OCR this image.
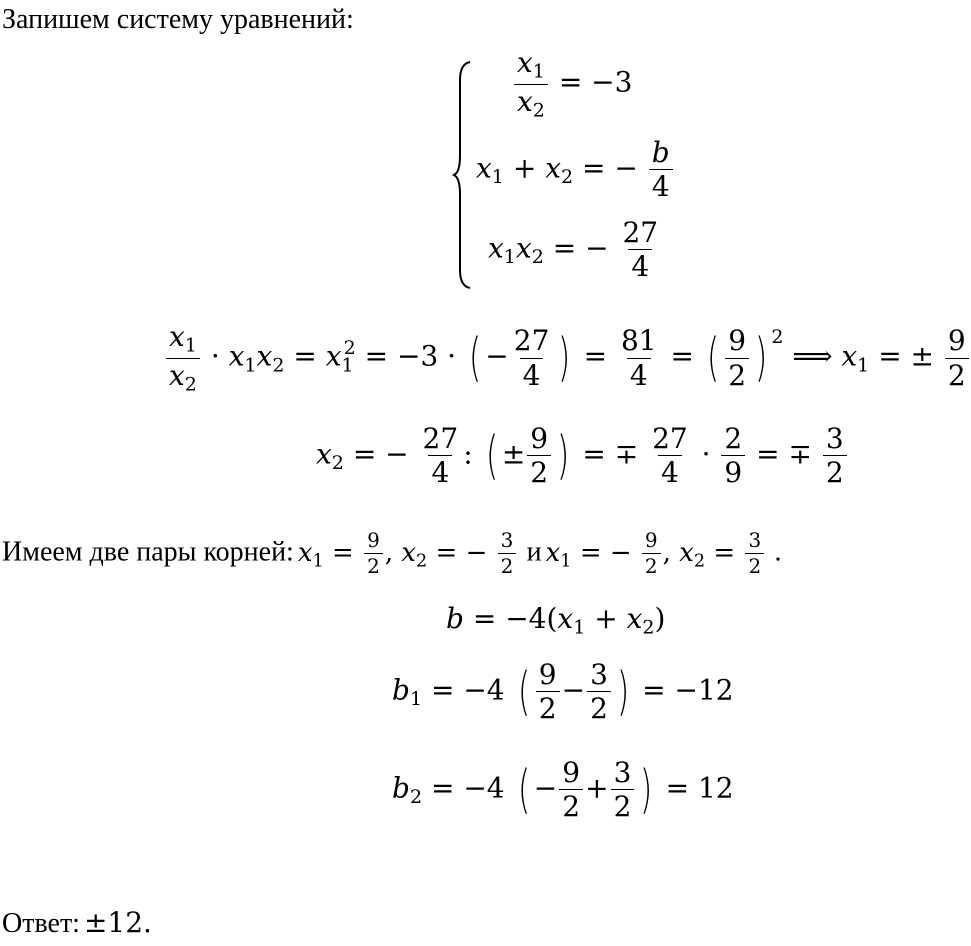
Запишем систему уравнений:
$\frac{x_1}{x_2} = -3$
$x_1 + x_2$ = − $\frac{b}{4}$
$x_1x_2$ = − $\frac{27}{4}$
$\frac{x_1}{x_2} \cdot x_1x_2 = x_1^2 = -3$ · ( − $\frac{27}{4}$ ) = $\frac{81}{4}$ = ( $\frac{9}{2}$ ) $^2$ ⟹ $x_1$ = ± $\frac{9}{2}$
$x_2$ = − $\frac{27}{4}$ : ( ± $\frac{9}{2}$ ) = ∓ $\frac{27}{4} \cdot \frac{2}{9}$ = ∓ $\frac{3}{2}$
Имеем две пары корней: $x_1 = \frac{9}{2}$ , $x_2$ = − $\frac{3}{2}$ и $x_1$ = − $\frac{9}{2}$ , $x_2 = \frac{3}{2}$ .
$b = -4(x_1 + x_2)$
$b_1 = -4$ ( $\frac{9}{2} - \frac{3}{2}$ ) = −12
$b_2 = -4$ ( − $\frac{9}{2} + \frac{3}{2}$ ) = 12
Ответ: ±12.
